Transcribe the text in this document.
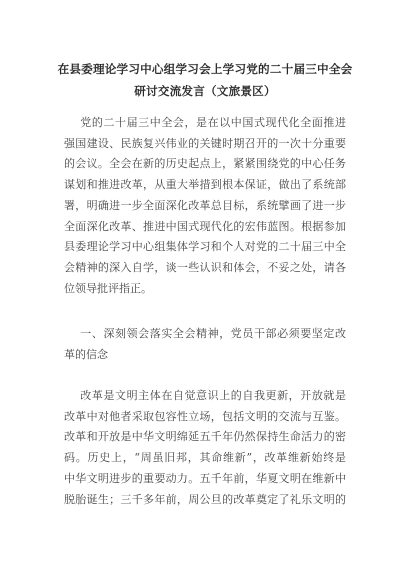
在县委理论学习中心组学习会上学习党的二十届三中全会
研讨交流发言（文旅景区）
党的二十届三中全会，是在以中国式现代化全面推进
强国建设、民族复兴伟业的关键时期召开的一次十分重要
的会议。全会在新的历史起点上，紧紧围绕党的中心任务
谋划和推进改革，从重大举措到根本保证，做出了系统部
署，明确进一步全面深化改革总目标，系统擘画了进一步
全面深化改革、推进中国式现代化的宏伟蓝图。根据参加
县委理论学习中心组集体学习和个人对党的二十届三中全
会精神的深入自学，谈一些认识和体会，不妥之处，请各
位领导批评指正。
一、深刻领会落实全会精神，党员干部必须要坚定改
革的信念
改革是文明主体在自觉意识上的自我更新，开放就是
改革中对他者采取包容性立场，包括文明的交流与互鉴。
改革和开放是中华文明绵延五千年仍然保持生命活力的密
码。历史上，“周虽旧邦，其命维新”，改革维新始终是
中华文明进步的重要动力。五千年前，华夏文明在维新中
脱胎诞生；三千多年前，周公旦的改革奠定了礼乐文明的
